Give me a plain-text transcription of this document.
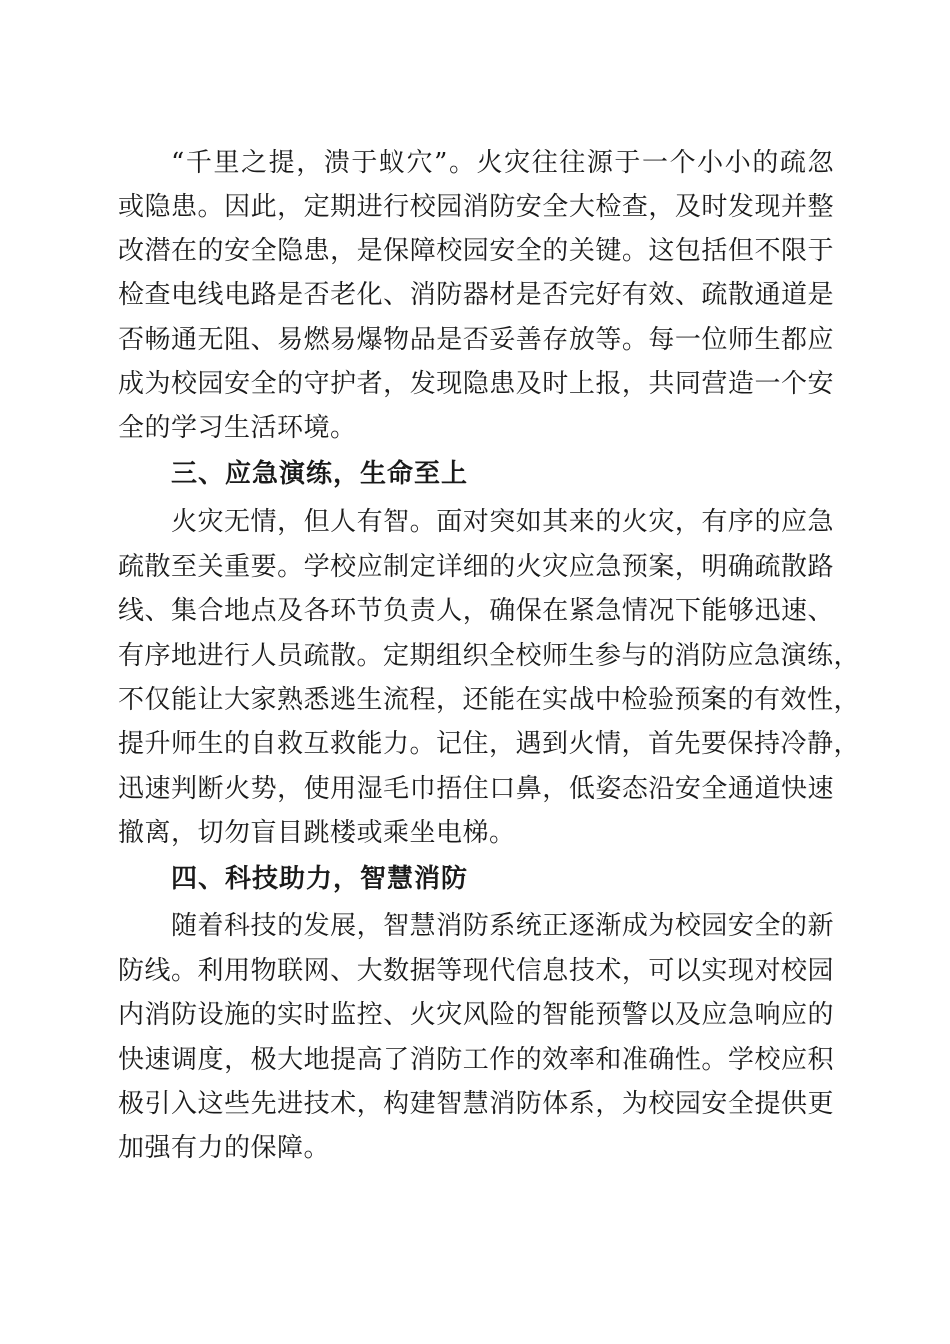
“千里之提，溃于蚁穴”。火灾往往源于一个小小的疏忽
或隐患。因此，定期进行校园消防安全大检查，及时发现并整
改潜在的安全隐患，是保障校园安全的关键。这包括但不限于
检查电线电路是否老化、消防器材是否完好有效、疏散通道是
否畅通无阻、易燃易爆物品是否妥善存放等。每一位师生都应
成为校园安全的守护者，发现隐患及时上报，共同营造一个安
全的学习生活环境。
三、应急演练，生命至上
火灾无情，但人有智。面对突如其来的火灾，有序的应急
疏散至关重要。学校应制定详细的火灾应急预案，明确疏散路
线、集合地点及各环节负责人，确保在紧急情况下能够迅速、
有序地进行人员疏散。定期组织全校师生参与的消防应急演练，
不仅能让大家熟悉逃生流程，还能在实战中检验预案的有效性，
提升师生的自救互救能力。记住，遇到火情，首先要保持冷静，
迅速判断火势，使用湿毛巾捂住口鼻，低姿态沿安全通道快速
撤离，切勿盲目跳楼或乘坐电梯。
四、科技助力，智慧消防
随着科技的发展，智慧消防系统正逐渐成为校园安全的新
防线。利用物联网、大数据等现代信息技术，可以实现对校园
内消防设施的实时监控、火灾风险的智能预警以及应急响应的
快速调度，极大地提高了消防工作的效率和准确性。学校应积
极引入这些先进技术，构建智慧消防体系，为校园安全提供更
加强有力的保障。
